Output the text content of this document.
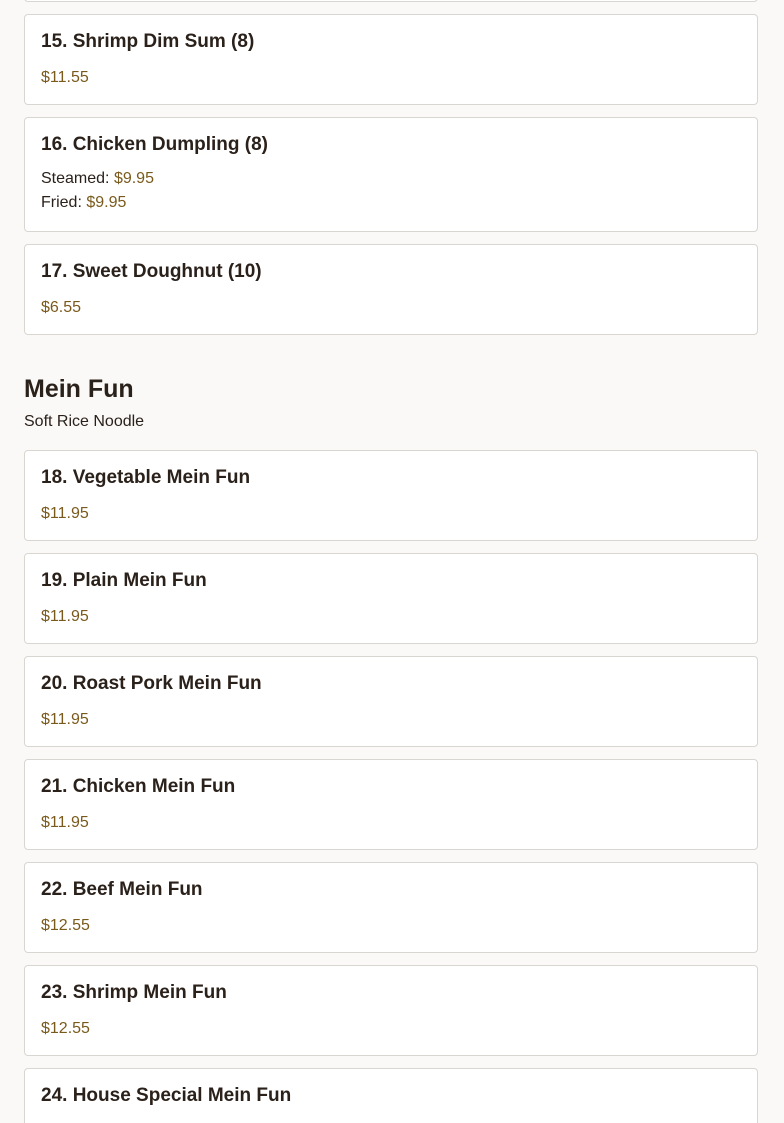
15. Shrimp Dim Sum (8)
$11.55
16. Chicken Dumpling (8)
Steamed: $9.95
Fried: $9.95
17. Sweet Doughnut (10)
$6.55
Mein Fun
Soft Rice Noodle
18. Vegetable Mein Fun
$11.95
19. Plain Mein Fun
$11.95
20. Roast Pork Mein Fun
$11.95
21. Chicken Mein Fun
$11.95
22. Beef Mein Fun
$12.55
23. Shrimp Mein Fun
$12.55
24. House Special Mein Fun
